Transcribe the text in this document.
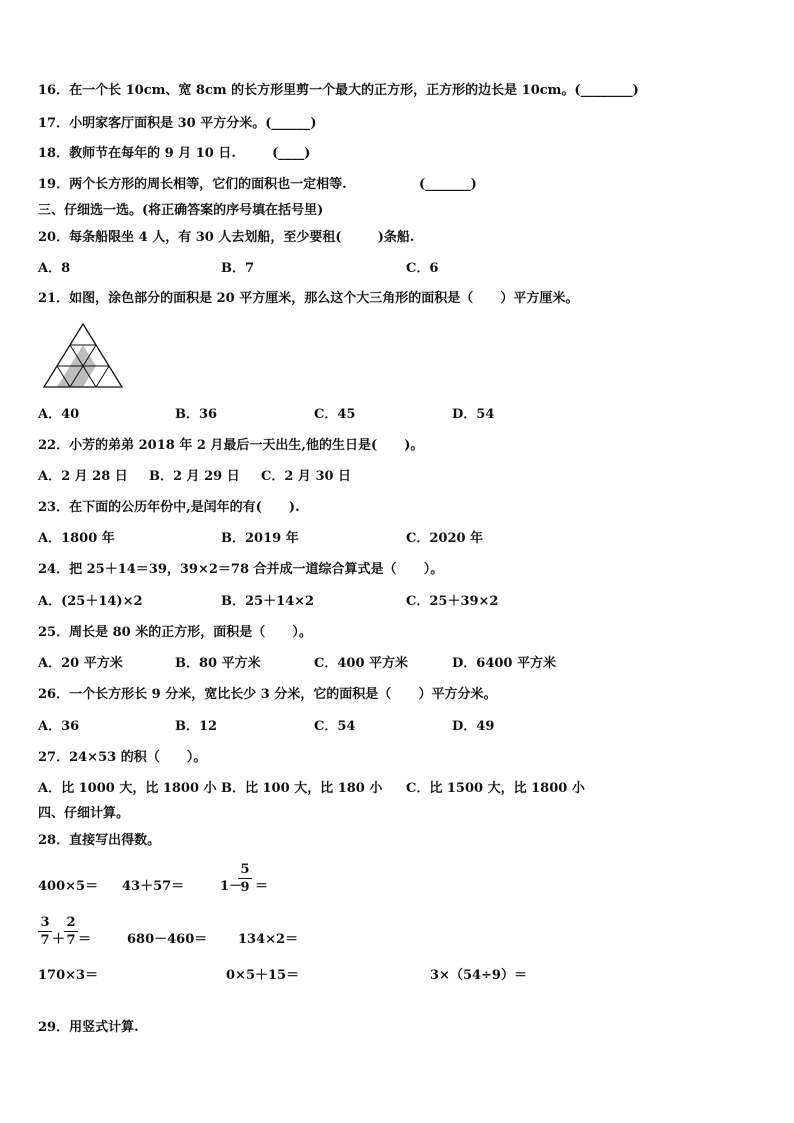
16．在一个长 10cm、宽 8cm 的长方形里剪一个最大的正方形，正方形的边长是 10cm。(________)
17．小明家客厅面积是 30 平方分米。(______)
18．教师节在每年的 9 月 10 日.        (____)
19．两个长方形的周长相等，它们的面积也一定相等.                (_______)
三、仔细选一选。(将正确答案的序号填在括号里)
20．每条船限坐 4 人，有 30 人去划船，至少要租(        )条船.
A．8	B．7	C．6
21．如图，涂色部分的面积是 20 平方厘米，那么这个大三角形的面积是（      ）平方厘米。
A．40	B．36	C．45	D．54
22．小芳的弟弟 2018 年 2 月最后一天出生,他的生日是(      )。
A．2 月 28 日 B．2 月 29 日 C．2 月 30 日
23．在下面的公历年份中,是闰年的有(      ).
A．1800 年	B．2019 年	C．2020 年
24．把 25＋14＝39，39×2＝78 合并成一道综合算式是（      ）。
A．(25＋14)×2	B．25＋14×2	C．25＋39×2
25．周长是 80 米的正方形，面积是（      ）。
A．20 平方米	B．80 平方米	C．400 平方米	D．6400 平方米
26．一个长方形长 9 分米，宽比长少 3 分米，它的面积是（      ）平方分米。
A．36	B．12	C．54	D．49
27．24×53 的积（      ）。
A．比 1000 大，比 1800 小 B．比 100 大，比 180 小 C．比 1500 大，比 1800 小
四、仔细计算。
28．直接写出得数。
400×5＝ 43＋57＝	1－
5
9 ＝
3
7 ＋
2
7 ＝	680－460＝ 134×2＝
170×3＝	0×5＋15＝	3×（54÷9）＝
29．用竖式计算.
